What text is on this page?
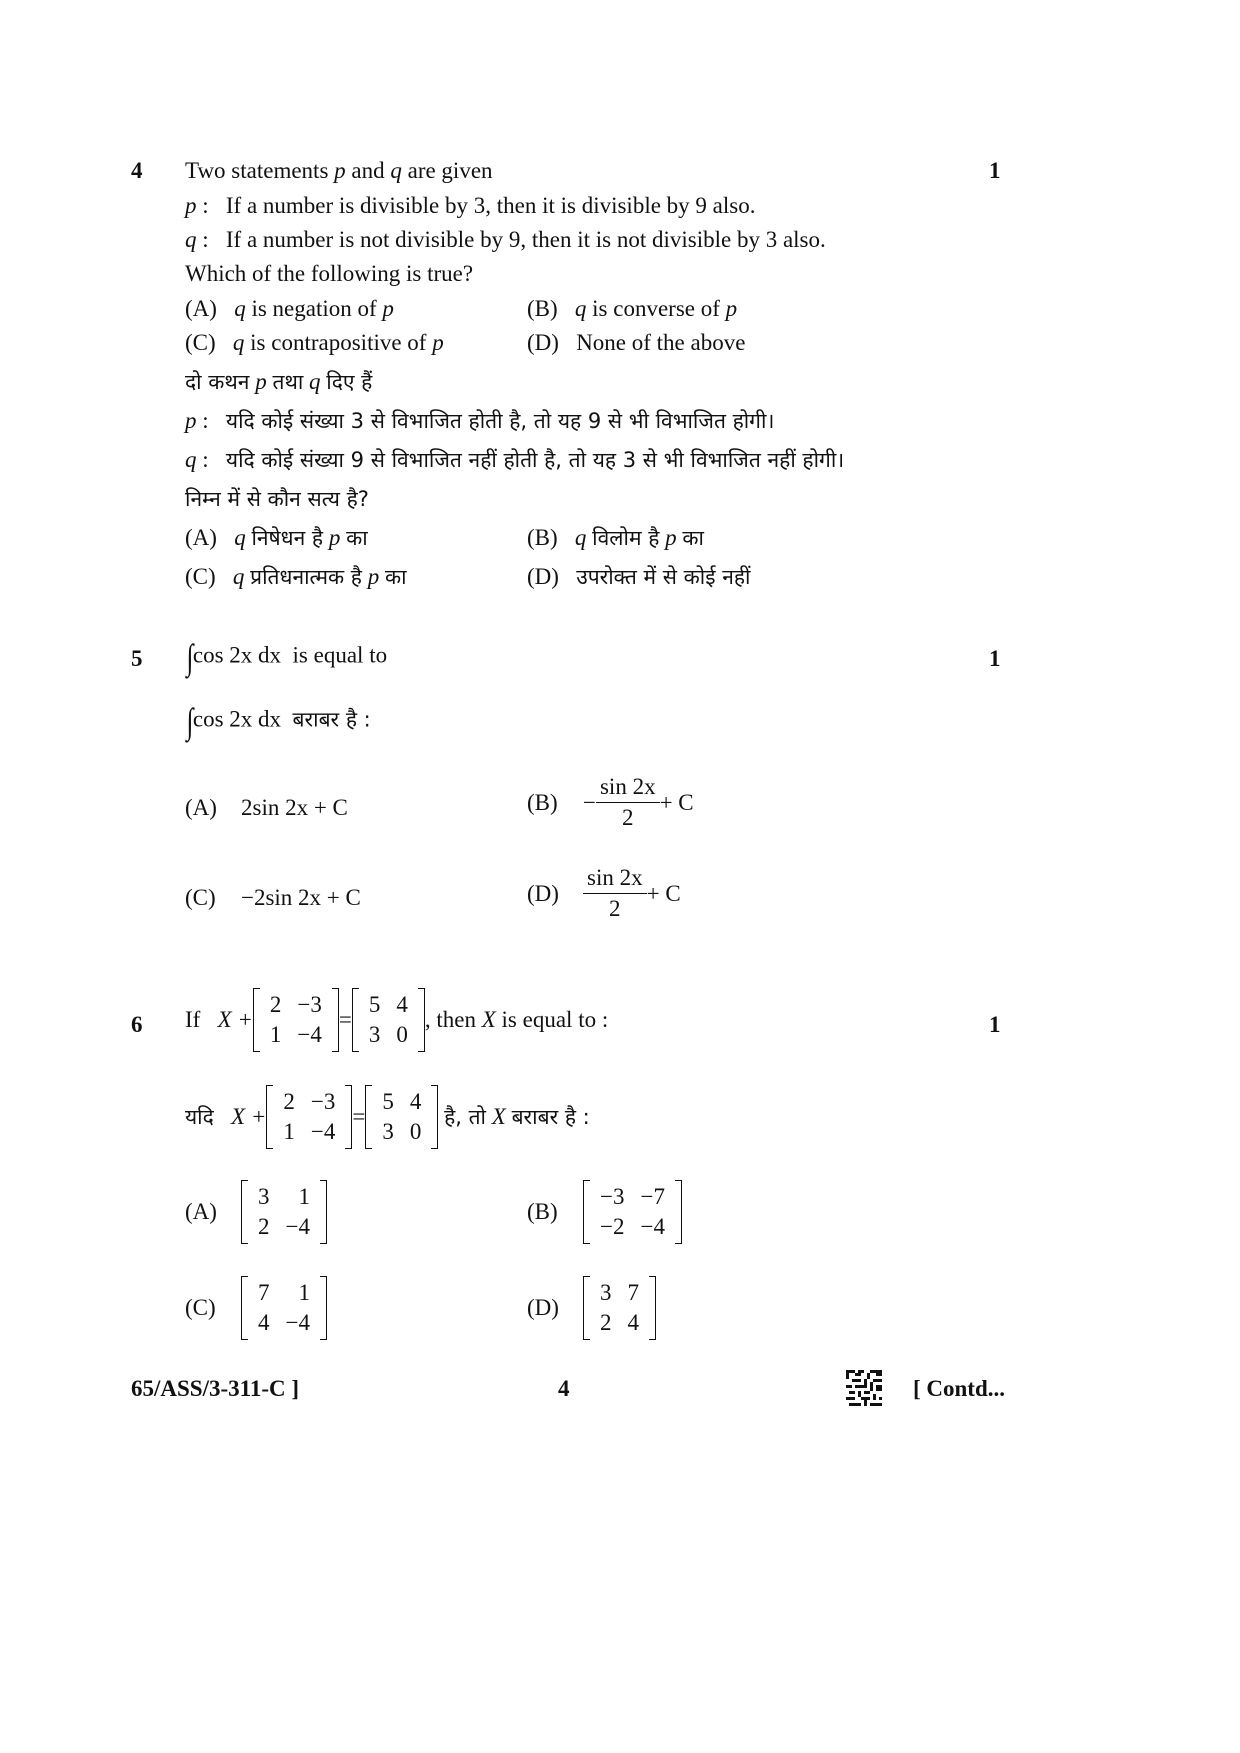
4	1
Two statements p and q are given
p :   If a number is divisible by 3, then it is divisible by 9 also.
q :   If a number is not divisible by 9, then it is not divisible by 3 also.
Which of the following is true?
(A) q is negation of p	(B) q is converse of p
(C) q is contrapositive of p	(D) None of the above
दो कथन p तथा q दिए हैं
p :   यदि कोई संख्या 3 से विभाजित होती है, तो यह 9 से भी विभाजित होगी।
q :   यदि कोई संख्या 9 से विभाजित नहीं होती है, तो यह 3 से भी विभाजित नहीं होगी।
निम्न में से कौन सत्य है?
(A) q निषेधन है p का	(B) q विलोम है p का
(C) q प्रतिधनात्मक है p का	(D) उपरोक्त में से कोई नहीं
5	1
∫cos 2x dx is equal to
∫cos 2x dx बराबर है :
(A) 2sin 2x + C	(B)	− $\frac{\sin 2x}{2} + C$
(C) −2sin 2x + C	(D)	$\frac{\sin 2x}{2} + C$
6	1
If
X +
2	−3
1	−4
=
5	4
3	0
, then
X
is equal to :
यदि
X +
2	−3
1	−4
=
5	4
3	0

है, तो
X
बराबर है :
(A)
3	1
2	−4
(B)
−3	−7
−2	−4
(C)
7	1
4	−4
(D)
3	7
2	4
65/ASS/3-311-C ]	4	[ Contd...
